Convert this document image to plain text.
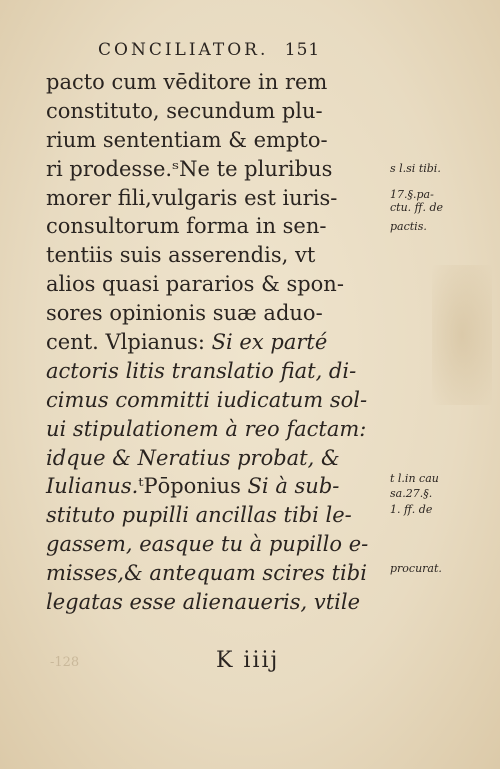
CONCILIATOR. 151
pacto cum vēditore in rem
constituto, secundum plu-
rium sententiam & empto-
ri prodesse.ˢNe te pluribus
morer fili,vulgaris est iuris-
consultorum forma in sen-
tentiis suis asserendis, vt
alios quasi pararios & spon-
sores opinionis suæ aduo-
cent. Vlpianus: Si ex parté
actoris litis translatio fiat, di-
cimus committi iudicatum sol-
ui stipulationem à reo factam:
idque & Neratius probat, &
Iulianus.ᵗPōponius Si à sub-
stituto pupilli ancillas tibi le-
gassem, easque tu à pupillo e-
misses,& antequam scires tibi
legatas esse alienaueris, vtile
s l.si tibi.
17.§.pa-
ctu. ff. de
pactis.
t l.in cau
sa.27.§.
1. ff. de
procurat.
-128	K iiij
